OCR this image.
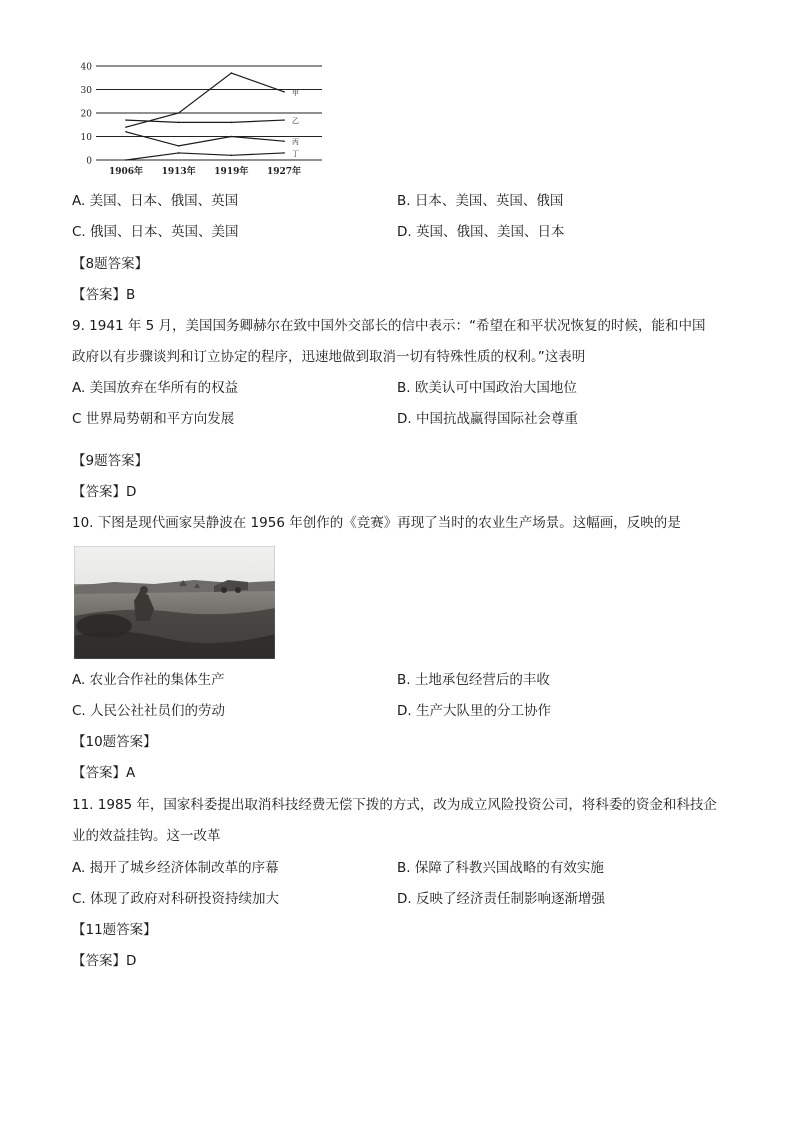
0
10
20
30
40
1906年 1913年 1919年 1927年
甲
乙
丙
丁
A. 美国、日本、俄国、英国	B. 日本、美国、英国、俄国
C. 俄国、日本、英国、美国	D. 英国、俄国、美国、日本
【8题答案】
【答案】B
9. 1941 年 5 月，美国国务卿赫尔在致中国外交部长的信中表示：“希望在和平状况恢复的时候，能和中国
政府以有步骤谈判和订立协定的程序，迅速地做到取消一切有特殊性质的权利。”这表明
A. 美国放弃在华所有的权益	B. 欧美认可中国政治大国地位
C 世界局势朝和平方向发展	D. 中国抗战赢得国际社会尊重
【9题答案】
【答案】D
10. 下图是现代画家吴静波在 1956 年创作的《竞赛》再现了当时的农业生产场景。这幅画，反映的是
A. 农业合作社的集体生产	B. 土地承包经营后的丰收
C. 人民公社社员们的劳动	D. 生产大队里的分工协作
【10题答案】
【答案】A
11. 1985 年，国家科委提出取消科技经费无偿下拨的方式，改为成立风险投资公司，将科委的资金和科技企
业的效益挂钩。这一改革
A. 揭开了城乡经济体制改革的序幕	B. 保障了科教兴国战略的有效实施
C. 体现了政府对科研投资持续加大	D. 反映了经济责任制影响逐渐增强
【11题答案】
【答案】D
